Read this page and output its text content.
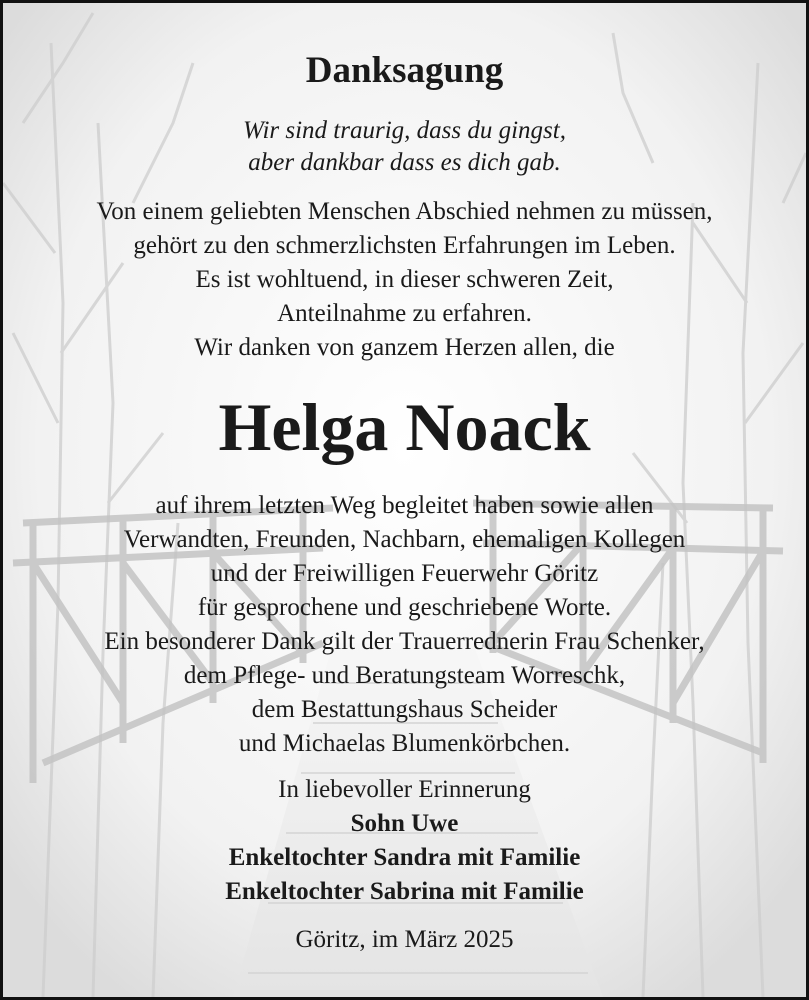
Danksagung
Wir sind traurig, dass du gingst,
aber dankbar dass es dich gab.
Von einem geliebten Menschen Abschied nehmen zu müssen,
gehört zu den schmerzlichsten Erfahrungen im Leben.
Es ist wohltuend, in dieser schweren Zeit,
Anteilnahme zu erfahren.
Wir danken von ganzem Herzen allen, die
Helga Noack
auf ihrem letzten Weg begleitet haben sowie allen
Verwandten, Freunden, Nachbarn, ehemaligen Kollegen
und der Freiwilligen Feuerwehr Göritz
für gesprochene und geschriebene Worte.
Ein besonderer Dank gilt der Trauerrednerin Frau Schenker,
dem Pflege- und Beratungsteam Worreschk,
dem Bestattungshaus Scheider
und Michaelas Blumenkörbchen.
In liebevoller Erinnerung
Sohn Uwe
Enkeltochter Sandra mit Familie
Enkeltochter Sabrina mit Familie
Göritz, im März 2025
